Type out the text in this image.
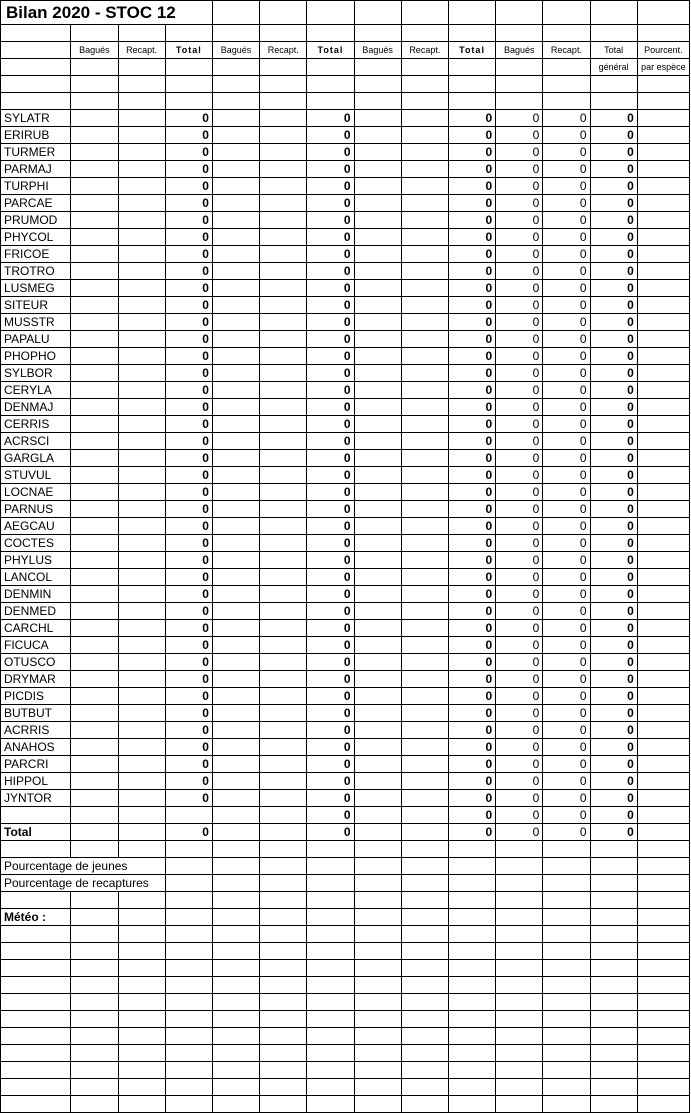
Bilan 2020 - STOC 12													

	Bagués	Recapt.	Total	Bagués	Recapt.	Total	Bagués	Recapt.	Total	Bagués	Recapt.	Total	Pourcent.
												général	par espèce

SYLATR			0			0			0	0	0	0	
ERIRUB			0			0			0	0	0	0	
TURMER			0			0			0	0	0	0	
PARMAJ			0			0			0	0	0	0	
TURPHI			0			0			0	0	0	0	
PARCAE			0			0			0	0	0	0	
PRUMOD			0			0			0	0	0	0	
PHYCOL			0			0			0	0	0	0	
FRICOE			0			0			0	0	0	0	
TROTRO			0			0			0	0	0	0	
LUSMEG			0			0			0	0	0	0	
SITEUR			0			0			0	0	0	0	
MUSSTR			0			0			0	0	0	0	
PAPALU			0			0			0	0	0	0	
PHOPHO			0			0			0	0	0	0	
SYLBOR			0			0			0	0	0	0	
CERYLA			0			0			0	0	0	0	
DENMAJ			0			0			0	0	0	0	
CERRIS			0			0			0	0	0	0	
ACRSCI			0			0			0	0	0	0	
GARGLA			0			0			0	0	0	0	
STUVUL			0			0			0	0	0	0	
LOCNAE			0			0			0	0	0	0	
PARNUS			0			0			0	0	0	0	
AEGCAU			0			0			0	0	0	0	
COCTES			0			0			0	0	0	0	
PHYLUS			0			0			0	0	0	0	
LANCOL			0			0			0	0	0	0	
DENMIN			0			0			0	0	0	0	
DENMED			0			0			0	0	0	0	
CARCHL			0			0			0	0	0	0	
FICUCA			0			0			0	0	0	0	
OTUSCO			0			0			0	0	0	0	
DRYMAR			0			0			0	0	0	0	
PICDIS			0			0			0	0	0	0	
BUTBUT			0			0			0	0	0	0	
ACRRIS			0			0			0	0	0	0	
ANAHOS			0			0			0	0	0	0	
PARCRI			0			0			0	0	0	0	
HIPPOL			0			0			0	0	0	0	
JYNTOR			0			0			0	0	0	0	
						0			0	0	0	0	
Total			0			0			0	0	0	0	

Pourcentage de jeunes													
Pourcentage de recaptures													

Météo :													
